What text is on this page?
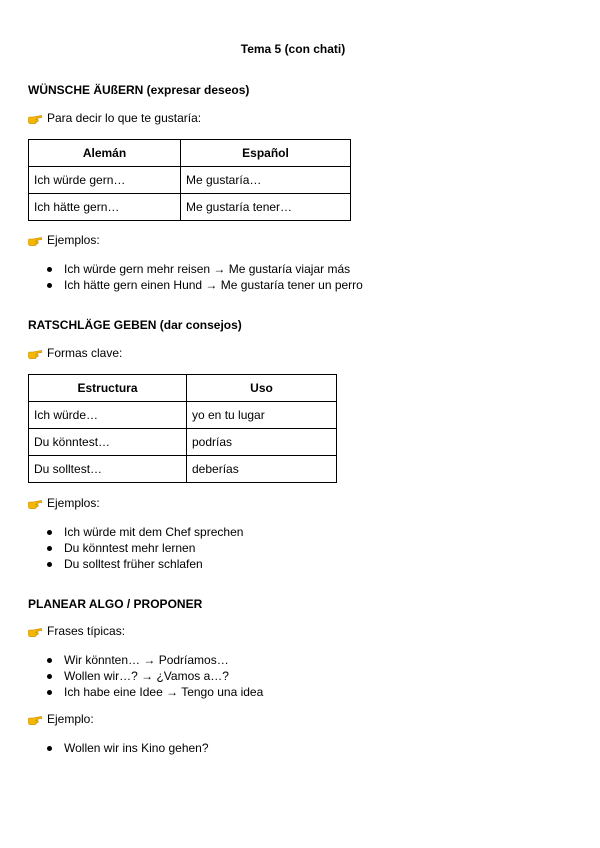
Tema 5 (con chati)
WÜNSCHE ÄUßERN (expresar deseos)
Para decir lo que te gustaría:
Alemán	Español
Ich würde gern…	Me gustaría…
Ich hätte gern…	Me gustaría tener…
Ejemplos:
Ich würde gern mehr reisen → Me gustaría viajar más
Ich hätte gern einen Hund → Me gustaría tener un perro
RATSCHLÄGE GEBEN (dar consejos)
Formas clave:
Estructura	Uso
Ich würde…	yo en tu lugar
Du könntest…	podrías
Du solltest…	deberías
Ejemplos:
Ich würde mit dem Chef sprechen
Du könntest mehr lernen
Du solltest früher schlafen
PLANEAR ALGO / PROPONER
Frases típicas:
Wir könnten… → Podríamos…
Wollen wir…? → ¿Vamos a…?
Ich habe eine Idee → Tengo una idea
Ejemplo:
Wollen wir ins Kino gehen?
